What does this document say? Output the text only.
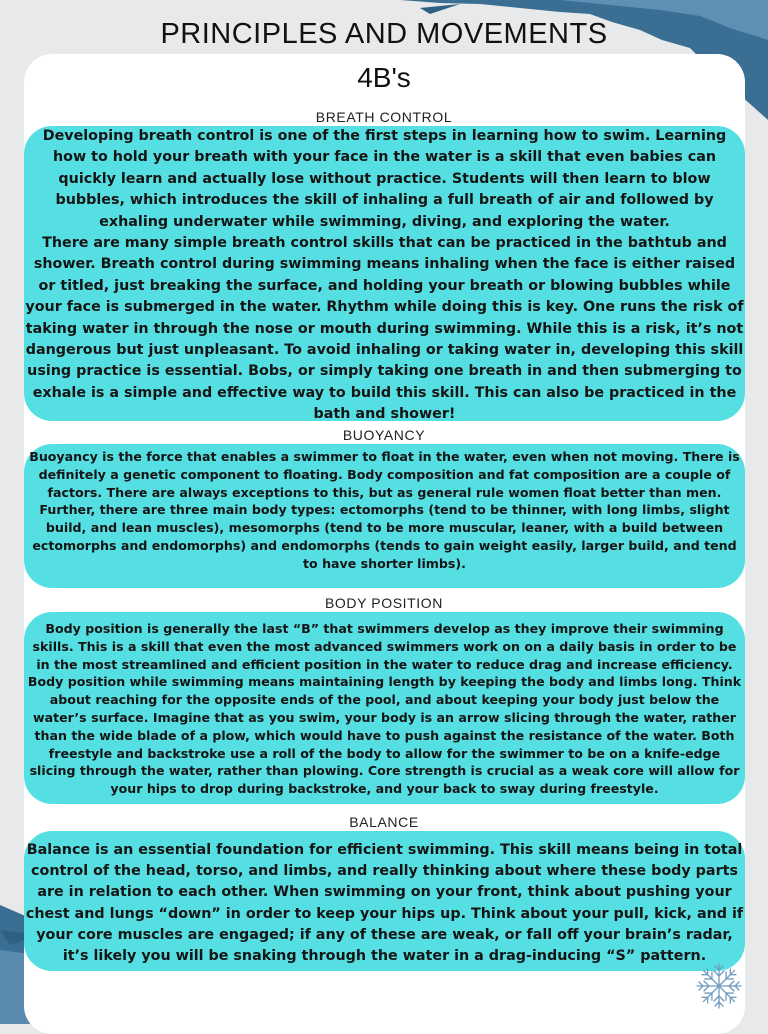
PRINCIPLES AND MOVEMENTS
4B's
BREATH CONTROL

Developing breath control is one of the first steps in learning how to swim. Learning how to hold your breath with your face in the water is a skill that even babies can quickly learn and actually lose without practice. Students will then learn to blow bubbles, which introduces the skill of inhaling a full breath of air and followed by exhaling underwater while swimming, diving, and exploring the water.

There are many simple breath control skills that can be practiced in the bathtub and shower. Breath control during swimming means inhaling when the face is either raised or titled, just breaking the surface, and holding your breath or blowing bubbles while your face is submerged in the water. Rhythm while doing this is key. One runs the risk of taking water in through the nose or mouth during swimming. While this is a risk, it’s not dangerous but just unpleasant. To avoid inhaling or taking water in, developing this skill using practice is essential. Bobs, or simply taking one breath in and then submerging to exhale is a simple and effective way to build this skill. This can also be practiced in the bath and shower!

BUOYANCY

Buoyancy is the force that enables a swimmer to float in the water, even when not moving. There is definitely a genetic component to floating. Body composition and fat composition are a couple of factors. There are always exceptions to this, but as general rule women float better than men. Further, there are three main body types: ectomorphs (tend to be thinner, with long limbs, slight build, and lean muscles), mesomorphs (tend to be more muscular, leaner, with a build between ectomorphs and endomorphs) and endomorphs (tends to gain weight easily, larger build, and tend to have shorter limbs).

BODY POSITION

Body position is generally the last “B” that swimmers develop as they improve their swimming skills. This is a skill that even the most advanced swimmers work on on a daily basis in order to be in the most streamlined and efficient position in the water to reduce drag and increase efficiency.

Body position while swimming means maintaining length by keeping the body and limbs long. Think about reaching for the opposite ends of the pool, and about keeping your body just below the water’s surface. Imagine that as you swim, your body is an arrow slicing through the water, rather than the wide blade of a plow, which would have to push against the resistance of the water. Both freestyle and backstroke use a roll of the body to allow for the swimmer to be on a knife-edge slicing through the water, rather than plowing. Core strength is crucial as a weak core will allow for your hips to drop during backstroke, and your back to sway during freestyle.

BALANCE

Balance is an essential foundation for efficient swimming. This skill means being in total control of the head, torso, and limbs, and really thinking about where these body parts are in relation to each other. When swimming on your front, think about pushing your chest and lungs “down” in order to keep your hips up. Think about your pull, kick, and if your core muscles are engaged; if any of these are weak, or fall off your brain’s radar, it’s likely you will be snaking through the water in a drag-inducing “S” pattern.
